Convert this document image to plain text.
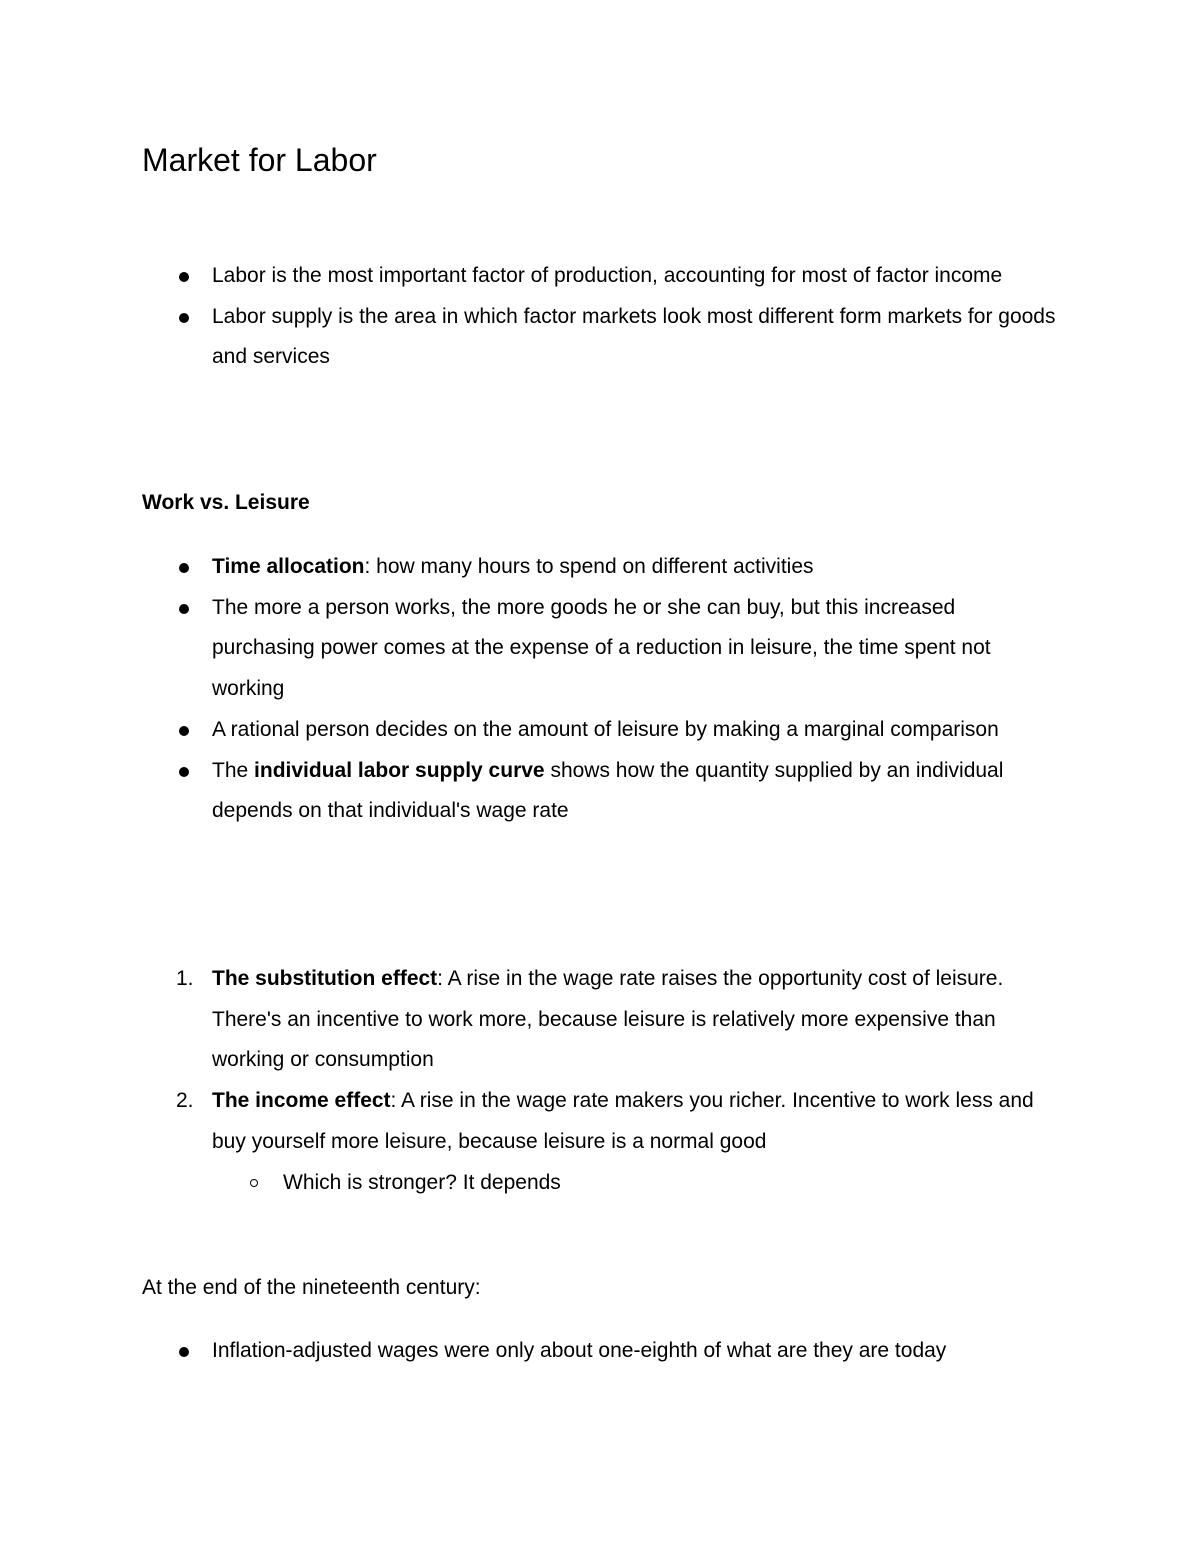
Market for Labor
Labor is the most important factor of production, accounting for most of factor income
Labor supply is the area in which factor markets look most different form markets for goods and services
Work vs. Leisure
Time allocation: how many hours to spend on different activities
The more a person works, the more goods he or she can buy, but this increased purchasing power comes at the expense of a reduction in leisure, the time spent not working
A rational person decides on the amount of leisure by making a marginal comparison
The individual labor supply curve shows how the quantity supplied by an individual depends on that individual's wage rate
1. The substitution effect: A rise in the wage rate raises the opportunity cost of leisure. There's an incentive to work more, because leisure is relatively more expensive than working or consumption
2. The income effect: A rise in the wage rate makers you richer. Incentive to work less and buy yourself more leisure, because leisure is a normal good
Which is stronger? It depends

At the end of the nineteenth century:

Inflation-adjusted wages were only about one-eighth of what are they are today
